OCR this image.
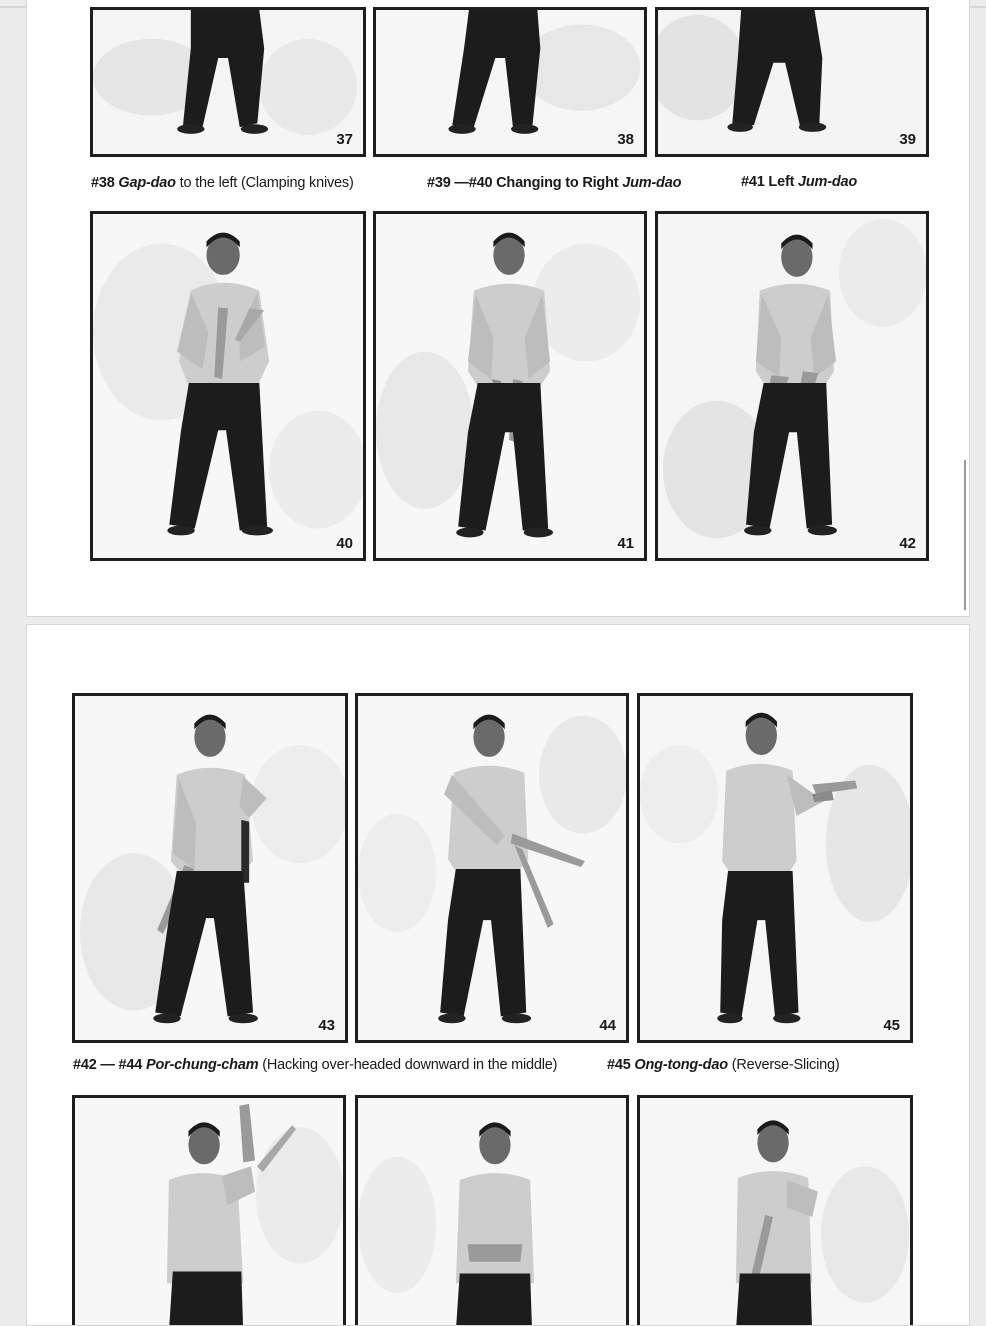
37	38	39
#38 Gap-dao to the left (Clamping knives)	#39 —#40 Changing to Right Jum-dao	#41 Left Jum-dao
40	41	42
43	44	45
#42 — #44 Por-chung-cham (Hacking over-headed downward in the middle)	#45 Ong-tong-dao (Reverse-Slicing)
